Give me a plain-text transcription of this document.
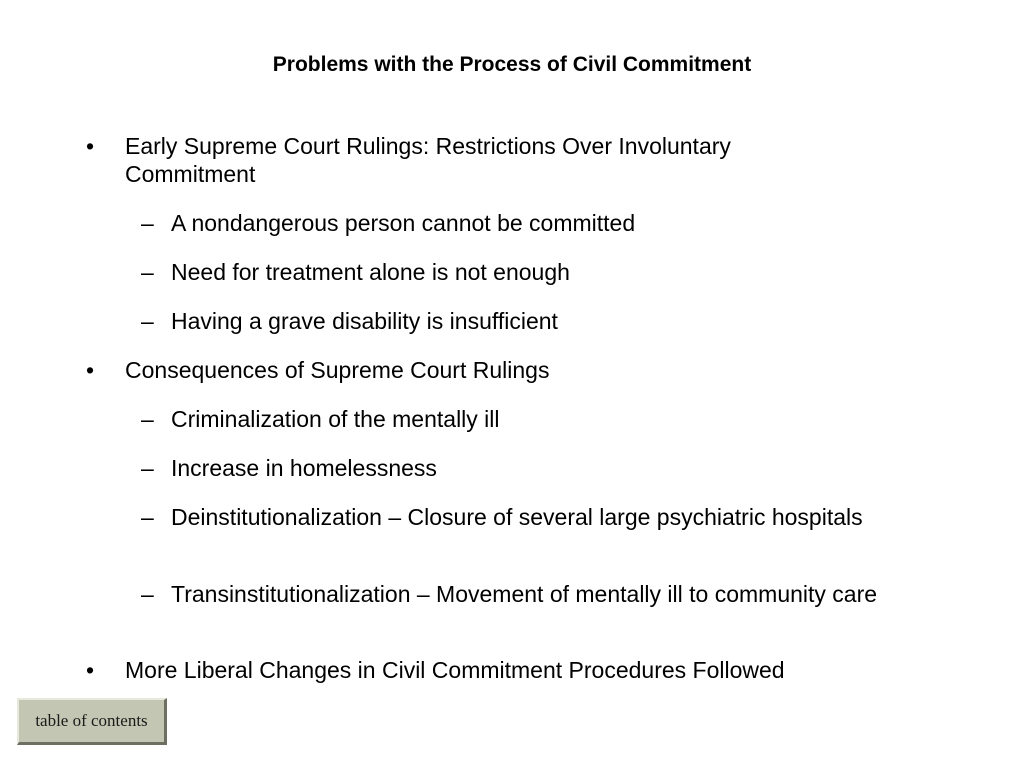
Problems with the Process of Civil Commitment
• Early Supreme Court Rulings: Restrictions Over Involuntary Commitment
– A nondangerous person cannot be committed
– Need for treatment alone is not enough
– Having a grave disability is insufficient
• Consequences of Supreme Court Rulings
– Criminalization of the mentally ill
– Increase in homelessness
– Deinstitutionalization – Closure of several large psychiatric hospitals
– Transinstitutionalization – Movement of mentally ill to community care
• More Liberal Changes in Civil Commitment Procedures Followed
table of contents
